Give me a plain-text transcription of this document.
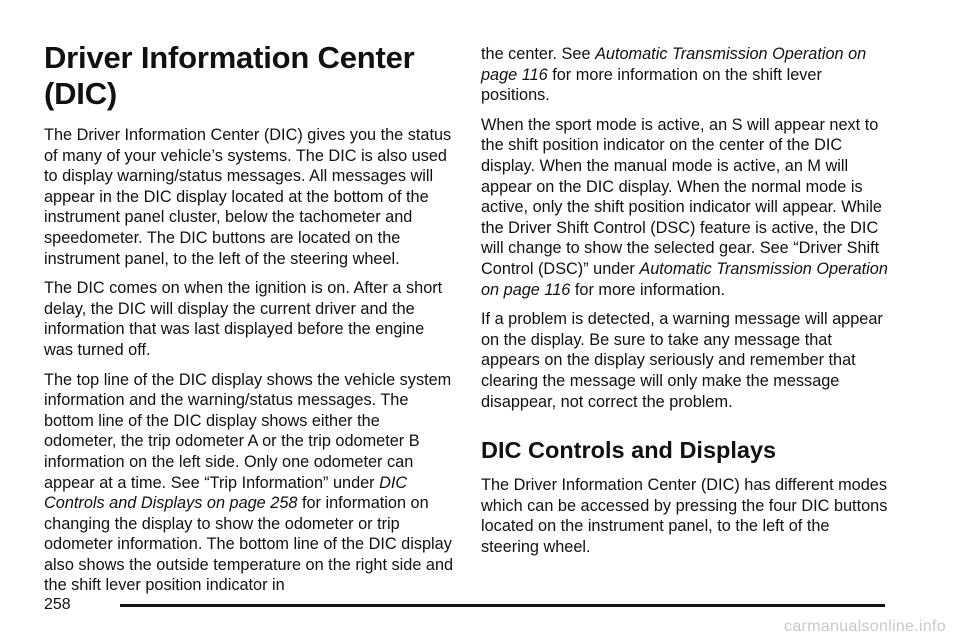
Driver Information Center (DIC)

The Driver Information Center (DIC) gives you the status of many of your vehicle’s systems. The DIC is also used to display warning/status messages. All messages will appear in the DIC display located at the bottom of the instrument panel cluster, below the tachometer and speedometer. The DIC buttons are located on the instrument panel, to the left of the steering wheel.

The DIC comes on when the ignition is on. After a short delay, the DIC will display the current driver and the information that was last displayed before the engine was turned off.

The top line of the DIC display shows the vehicle system information and the warning/status messages. The bottom line of the DIC display shows either the odometer, the trip odometer A or the trip odometer B information on the left side. Only one odometer can appear at a time. See “Trip Information” under DIC Controls and Displays on page 258 for information on changing the display to show the odometer or trip odometer information. The bottom line of the DIC display also shows the outside temperature on the right side and the shift lever position indicator in

the center. See Automatic Transmission Operation on page 116 for more information on the shift lever positions.

When the sport mode is active, an S will appear next to the shift position indicator on the center of the DIC display. When the manual mode is active, an M will appear on the DIC display. When the normal mode is active, only the shift position indicator will appear. While the Driver Shift Control (DSC) feature is active, the DIC will change to show the selected gear. See “Driver Shift Control (DSC)” under Automatic Transmission Operation on page 116 for more information.

If a problem is detected, a warning message will appear on the display. Be sure to take any message that appears on the display seriously and remember that clearing the message will only make the message disappear, not correct the problem.

DIC Controls and Displays

The Driver Information Center (DIC) has different modes which can be accessed by pressing the four DIC buttons located on the instrument panel, to the left of the steering wheel.

258
carmanualsonline.info
